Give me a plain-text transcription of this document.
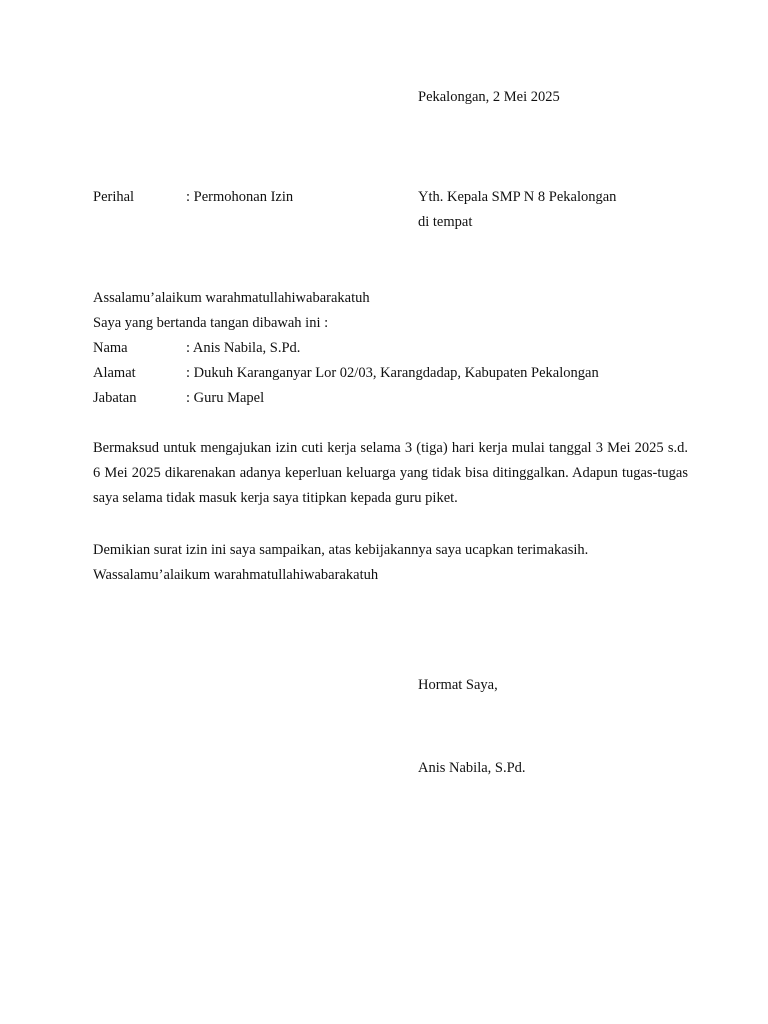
Pekalongan, 2 Mei 2025
Perihal	: Permohonan Izin	Yth. Kepala SMP N 8 Pekalongan
di tempat
Assalamu’alaikum warahmatullahiwabarakatuh
Saya yang bertanda tangan dibawah ini :
Nama	: Anis Nabila, S.Pd.
Alamat	: Dukuh Karanganyar Lor 02/03, Karangdadap, Kabupaten Pekalongan
Jabatan	: Guru Mapel

Bermaksud untuk mengajukan izin cuti kerja selama 3 (tiga) hari kerja mulai tanggal 3 Mei 2025 s.d. 6 Mei 2025 dikarenakan adanya keperluan keluarga yang tidak bisa ditinggalkan. Adapun tugas-tugas saya selama tidak masuk kerja saya titipkan kepada guru piket.

Demikian surat izin ini saya sampaikan, atas kebijakannya saya ucapkan terimakasih.
Wassalamu’alaikum warahmatullahiwabarakatuh
Hormat Saya,
Anis Nabila, S.Pd.
